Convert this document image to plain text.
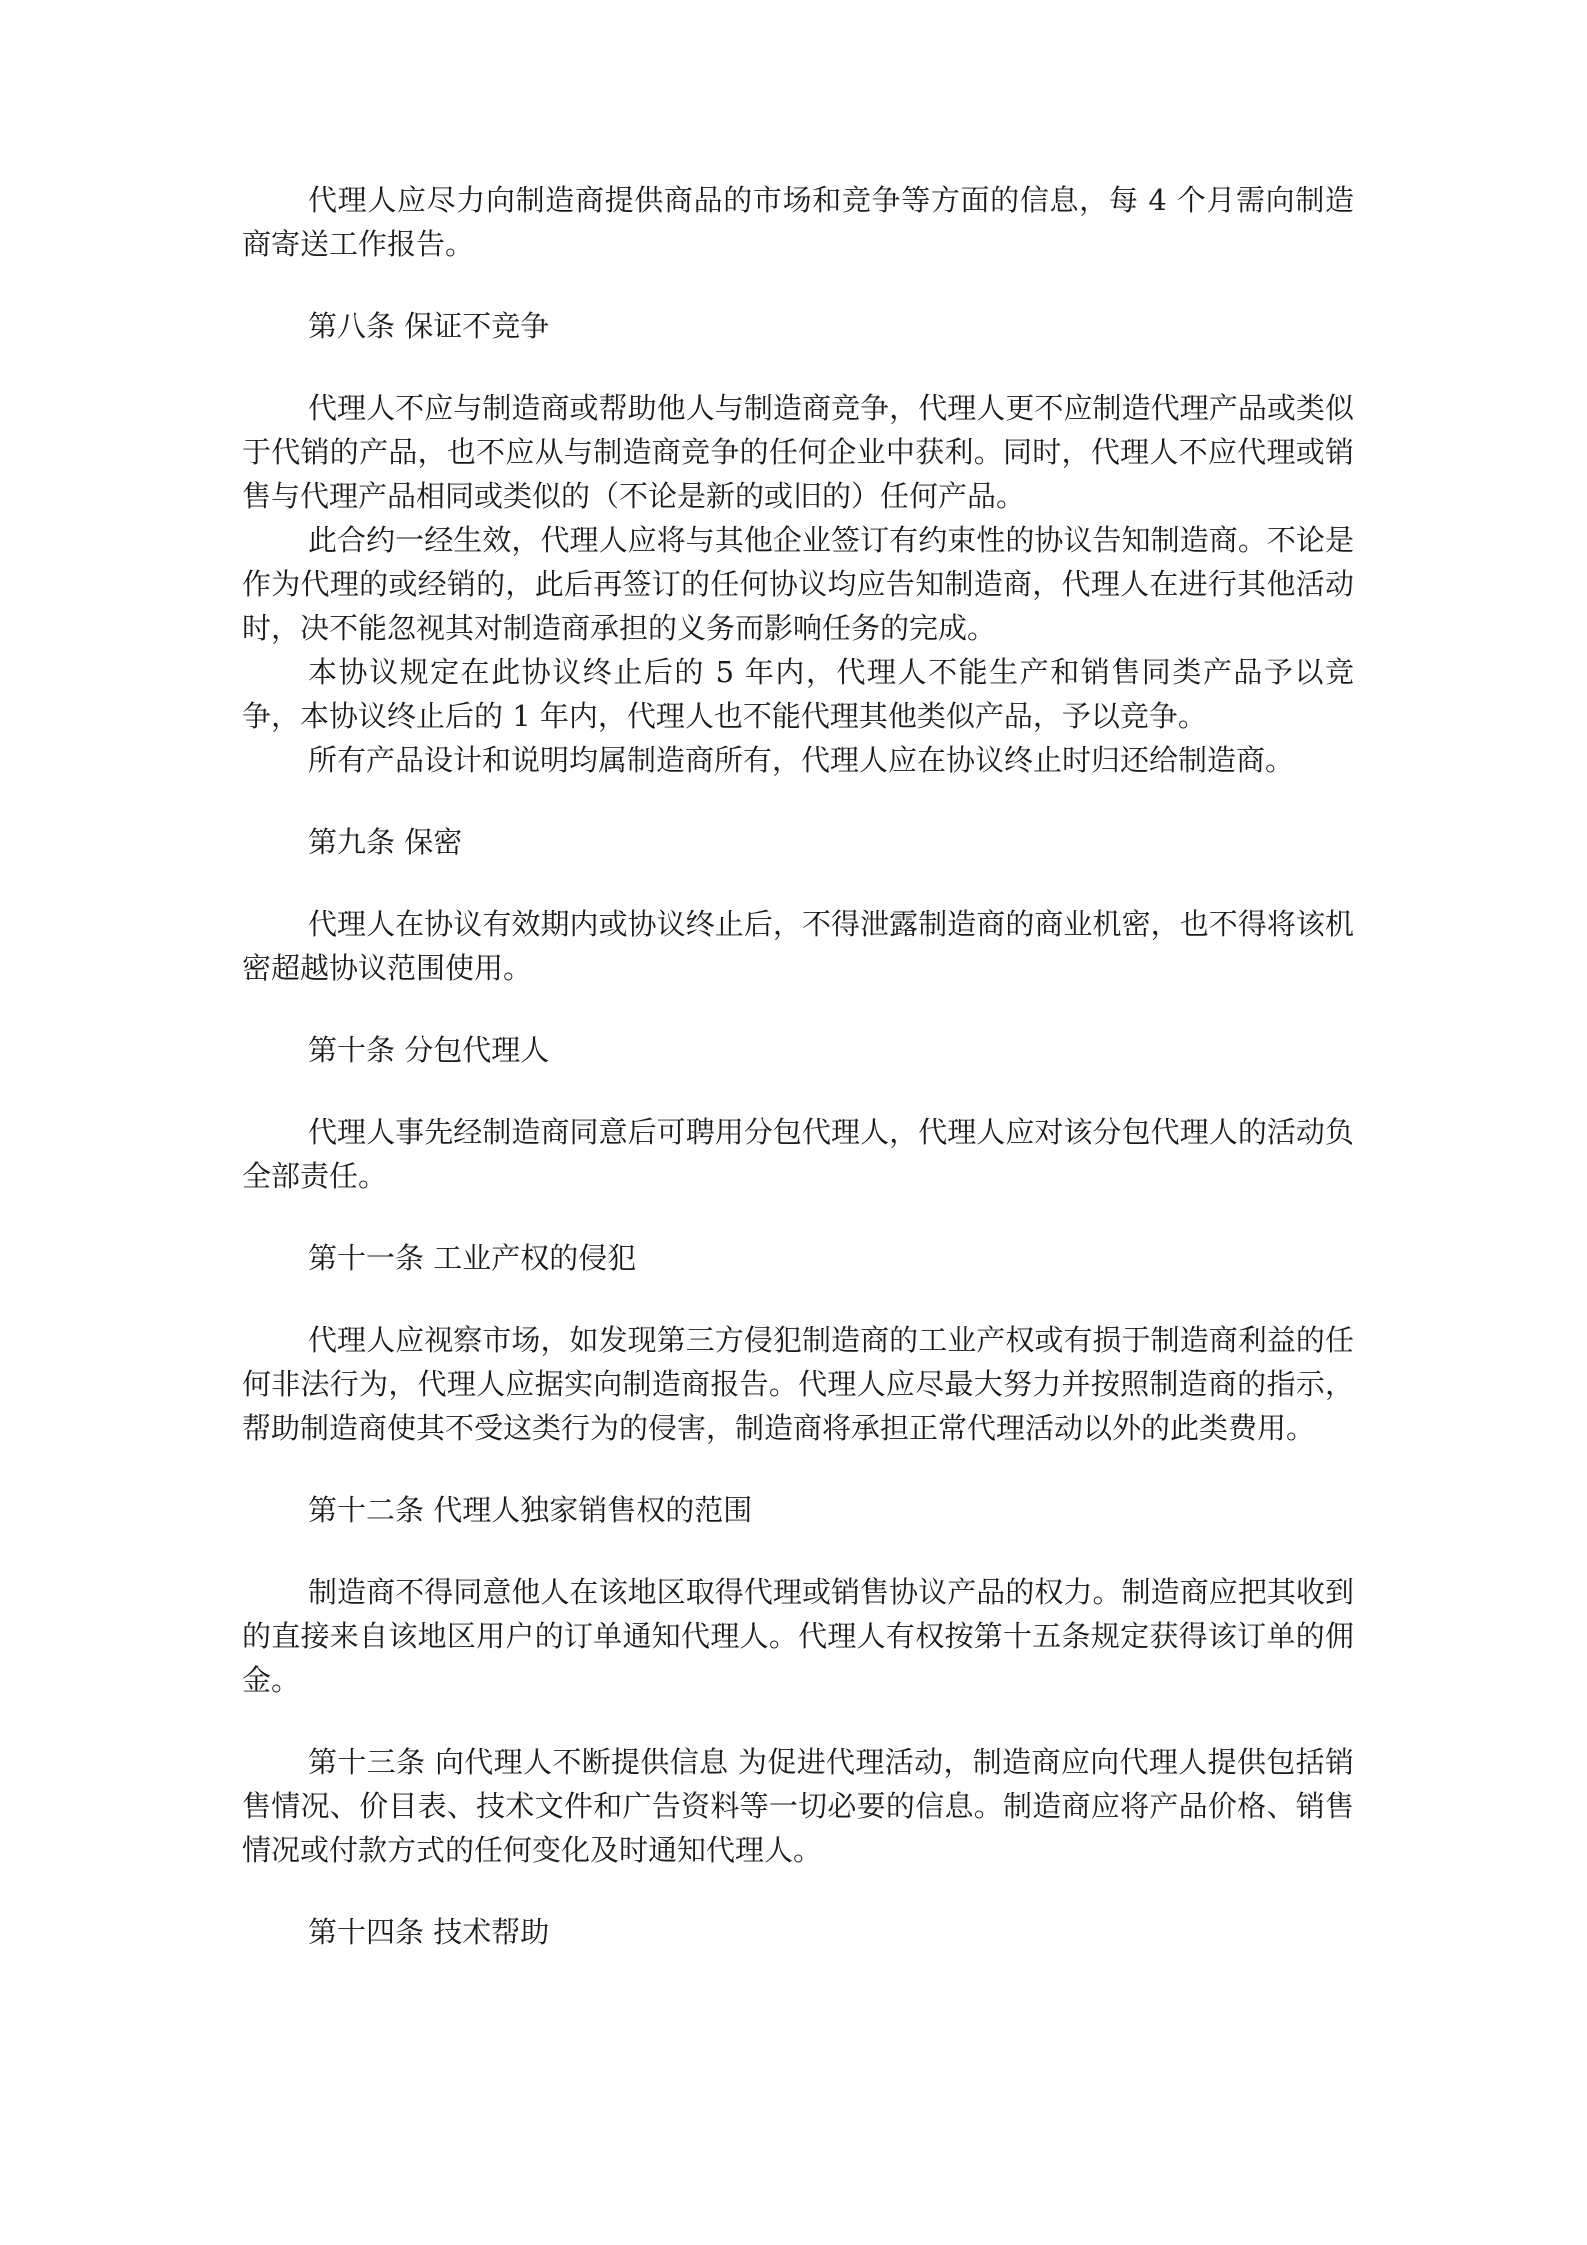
代理人应尽力向制造商提供商品的市场和竞争等方面的信息，每 4 个月需向制造商寄送工作报告。

第八条 保证不竞争

代理人不应与制造商或帮助他人与制造商竞争，代理人更不应制造代理产品或类似于代销的产品，也不应从与制造商竞争的任何企业中获利。同时，代理人不应代理或销售与代理产品相同或类似的（不论是新的或旧的）任何产品。

此合约一经生效，代理人应将与其他企业签订有约束性的协议告知制造商。不论是作为代理的或经销的，此后再签订的任何协议均应告知制造商，代理人在进行其他活动时，决不能忽视其对制造商承担的义务而影响任务的完成。

本协议规定在此协议终止后的 5 年内，代理人不能生产和销售同类产品予以竞争，本协议终止后的 1 年内，代理人也不能代理其他类似产品，予以竞争。

所有产品设计和说明均属制造商所有，代理人应在协议终止时归还给制造商。

第九条 保密

代理人在协议有效期内或协议终止后，不得泄露制造商的商业机密，也不得将该机密超越协议范围使用。

第十条 分包代理人

代理人事先经制造商同意后可聘用分包代理人，代理人应对该分包代理人的活动负全部责任。

第十一条 工业产权的侵犯

代理人应视察市场，如发现第三方侵犯制造商的工业产权或有损于制造商利益的任何非法行为，代理人应据实向制造商报告。代理人应尽最大努力并按照制造商的指示，帮助制造商使其不受这类行为的侵害，制造商将承担正常代理活动以外的此类费用。

第十二条 代理人独家销售权的范围

制造商不得同意他人在该地区取得代理或销售协议产品的权力。制造商应把其收到的直接来自该地区用户的订单通知代理人。代理人有权按第十五条规定获得该订单的佣金。

第十三条 向代理人不断提供信息 为促进代理活动，制造商应向代理人提供包括销售情况、价目表、技术文件和广告资料等一切必要的信息。制造商应将产品价格、销售情况或付款方式的任何变化及时通知代理人。

第十四条 技术帮助
